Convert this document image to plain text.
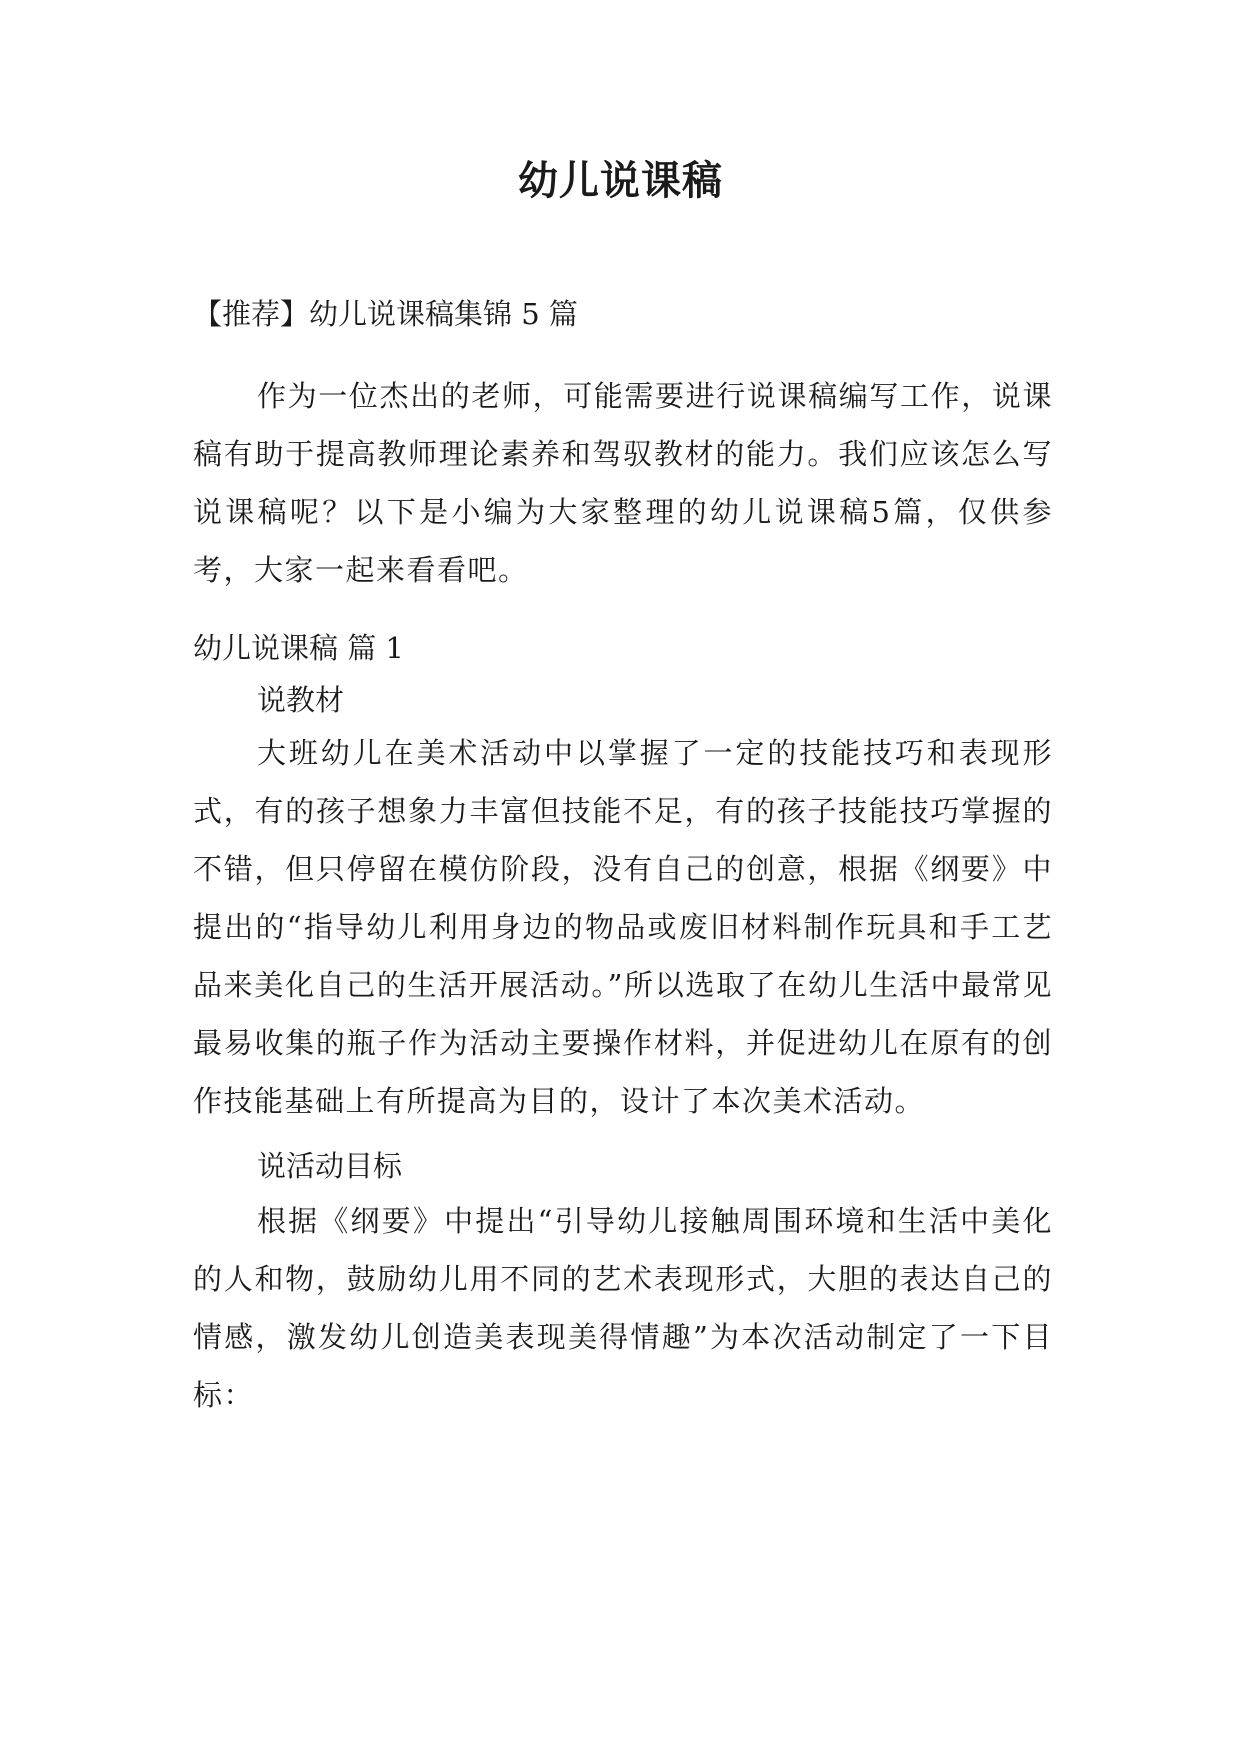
幼儿说课稿
【推荐】幼儿说课稿集锦 5 篇
作为一位杰出的老师，可能需要进行说课稿编写工作，说课稿有助于提高教师理论素养和驾驭教材的能力。我们应该怎么写说课稿呢？以下是小编为大家整理的幼儿说课稿5篇，仅供参考，大家一起来看看吧。
幼儿说课稿 篇 1
说教材
大班幼儿在美术活动中以掌握了一定的技能技巧和表现形式，有的孩子想象力丰富但技能不足，有的孩子技能技巧掌握的不错，但只停留在模仿阶段，没有自己的创意，根据《纲要》中提出的“指导幼儿利用身边的物品或废旧材料制作玩具和手工艺品来美化自己的生活开展活动。”所以选取了在幼儿生活中最常见最易收集的瓶子作为活动主要操作材料，并促进幼儿在原有的创作技能基础上有所提高为目的，设计了本次美术活动。
说活动目标
根据《纲要》中提出“引导幼儿接触周围环境和生活中美化的人和物，鼓励幼儿用不同的艺术表现形式，大胆的表达自己的情感，激发幼儿创造美表现美得情趣”为本次活动制定了一下目标：
